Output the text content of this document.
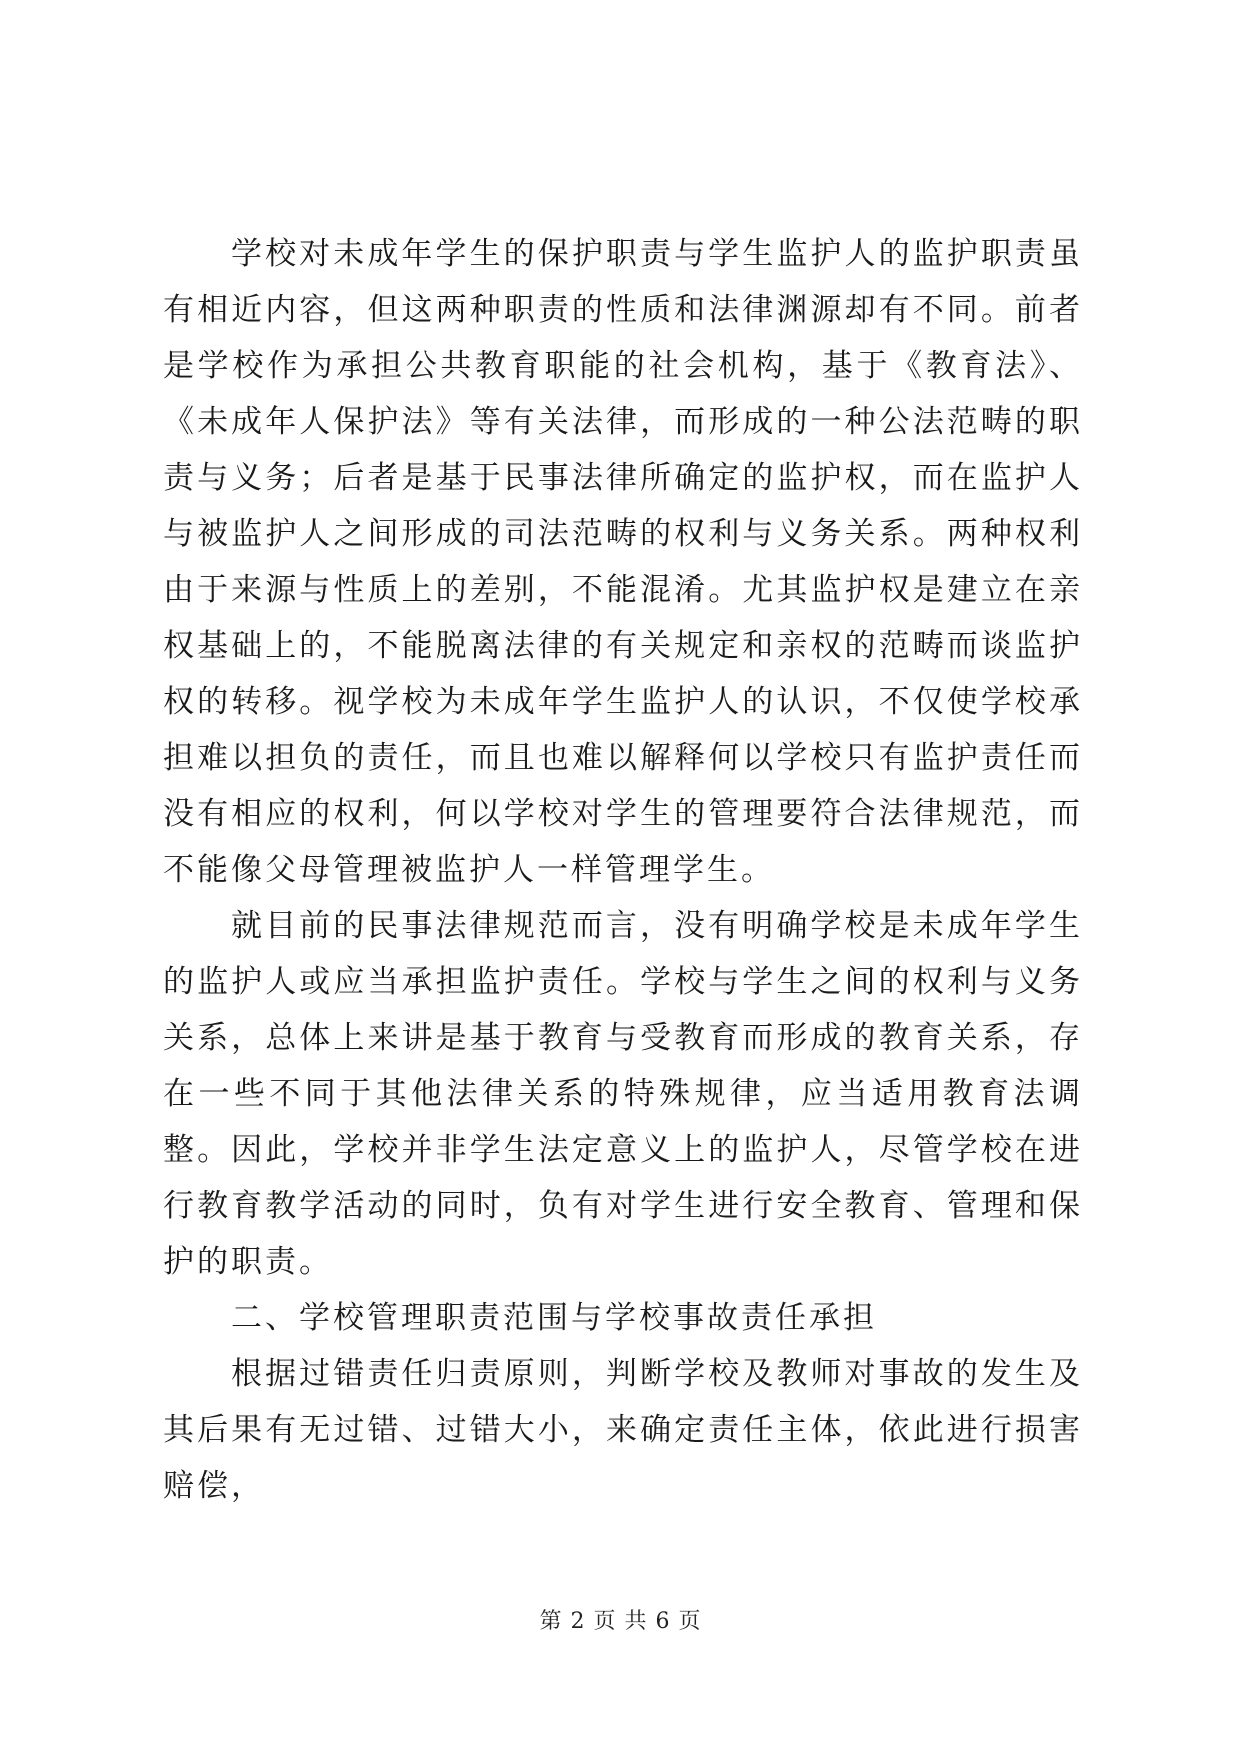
学校对未成年学生的保护职责与学生监护人的监护职责虽有相近内容，但这两种职责的性质和法律渊源却有不同。前者是学校作为承担公共教育职能的社会机构，基于《教育法》、《未成年人保护法》等有关法律，而形成的一种公法范畴的职责与义务；后者是基于民事法律所确定的监护权，而在监护人与被监护人之间形成的司法范畴的权利与义务关系。两种权利由于来源与性质上的差别，不能混淆。尤其监护权是建立在亲权基础上的，不能脱离法律的有关规定和亲权的范畴而谈监护权的转移。视学校为未成年学生监护人的认识，不仅使学校承担难以担负的责任，而且也难以解释何以学校只有监护责任而没有相应的权利，何以学校对学生的管理要符合法律规范，而不能像父母管理被监护人一样管理学生。

就目前的民事法律规范而言，没有明确学校是未成年学生的监护人或应当承担监护责任。学校与学生之间的权利与义务关系，总体上来讲是基于教育与受教育而形成的教育关系，存在一些不同于其他法律关系的特殊规律，应当适用教育法调整。因此，学校并非学生法定意义上的监护人，尽管学校在进行教育教学活动的同时，负有对学生进行安全教育、管理和保护的职责。

二、学校管理职责范围与学校事故责任承担

根据过错责任归责原则，判断学校及教师对事故的发生及其后果有无过错、过错大小，来确定责任主体，依此进行损害赔偿，

第 2 页 共 6 页
